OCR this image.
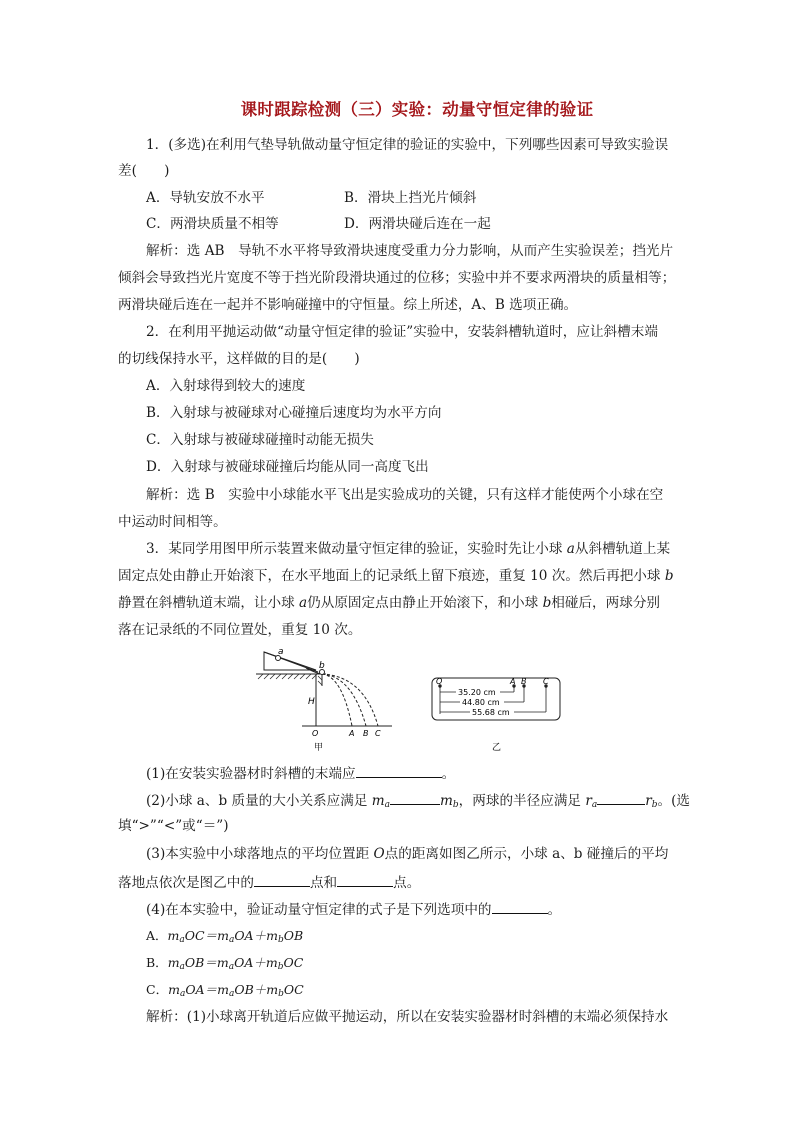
课时跟踪检测（三）实验：动量守恒定律的验证
1．(多选)在利用气垫导轨做动量守恒定律的验证的实验中，下列哪些因素可导致实验误
差(　　)
A．导轨安放不水平	B．滑块上挡光片倾斜
C．两滑块质量不相等	D．两滑块碰后连在一起
解析：选 AB　导轨不水平将导致滑块速度受重力分力影响，从而产生实验误差；挡光片
倾斜会导致挡光片宽度不等于挡光阶段滑块通过的位移；实验中并不要求两滑块的质量相等；
两滑块碰后连在一起并不影响碰撞中的守恒量。综上所述，A、B 选项正确。
2．在利用平抛运动做“动量守恒定律的验证”实验中，安装斜槽轨道时，应让斜槽末端
的切线保持水平，这样做的目的是(　　)
A．入射球得到较大的速度
B．入射球与被碰球对心碰撞后速度均为水平方向
C．入射球与被碰球碰撞时动能无损失
D．入射球与被碰球碰撞后均能从同一高度飞出
解析：选 B　实验中小球能水平飞出是实验成功的关键，只有这样才能使两个小球在空
中运动时间相等。
3．某同学用图甲所示装置来做动量守恒定律的验证，实验时先让小球 a从斜槽轨道上某
固定点处由静止开始滚下，在水平地面上的记录纸上留下痕迹，重复 10 次。然后再把小球 b
静置在斜槽轨道末端，让小球 a仍从原固定点由静止开始滚下，和小球 b相碰后，两球分别
落在记录纸的不同位置处，重复 10 次。
a
b
H
O	A B C
甲
O	A B C
35.20 cm
44.80 cm
55.68 cm
乙
(1)在安装实验器材时斜槽的末端应	。
(2)小球 a、b 质量的大小关系应满足 $m_a$	$m_b$，两球的半径应满足 $r_a$	$r_b$。(选
填“>”“<”或“＝”)
(3)本实验中小球落地点的平均位置距 O点的距离如图乙所示，小球 a、b 碰撞后的平均
落地点依次是图乙中的	点和	点。
(4)在本实验中，验证动量守恒定律的式子是下列选项中的	。
A．$m_aOC=m_aOA+m_bOB$
B．$m_aOB=m_aOA+m_bOC$
C．$m_aOA=m_aOB+m_bOC$
解析：(1)小球离开轨道后应做平抛运动，所以在安装实验器材时斜槽的末端必须保持水
